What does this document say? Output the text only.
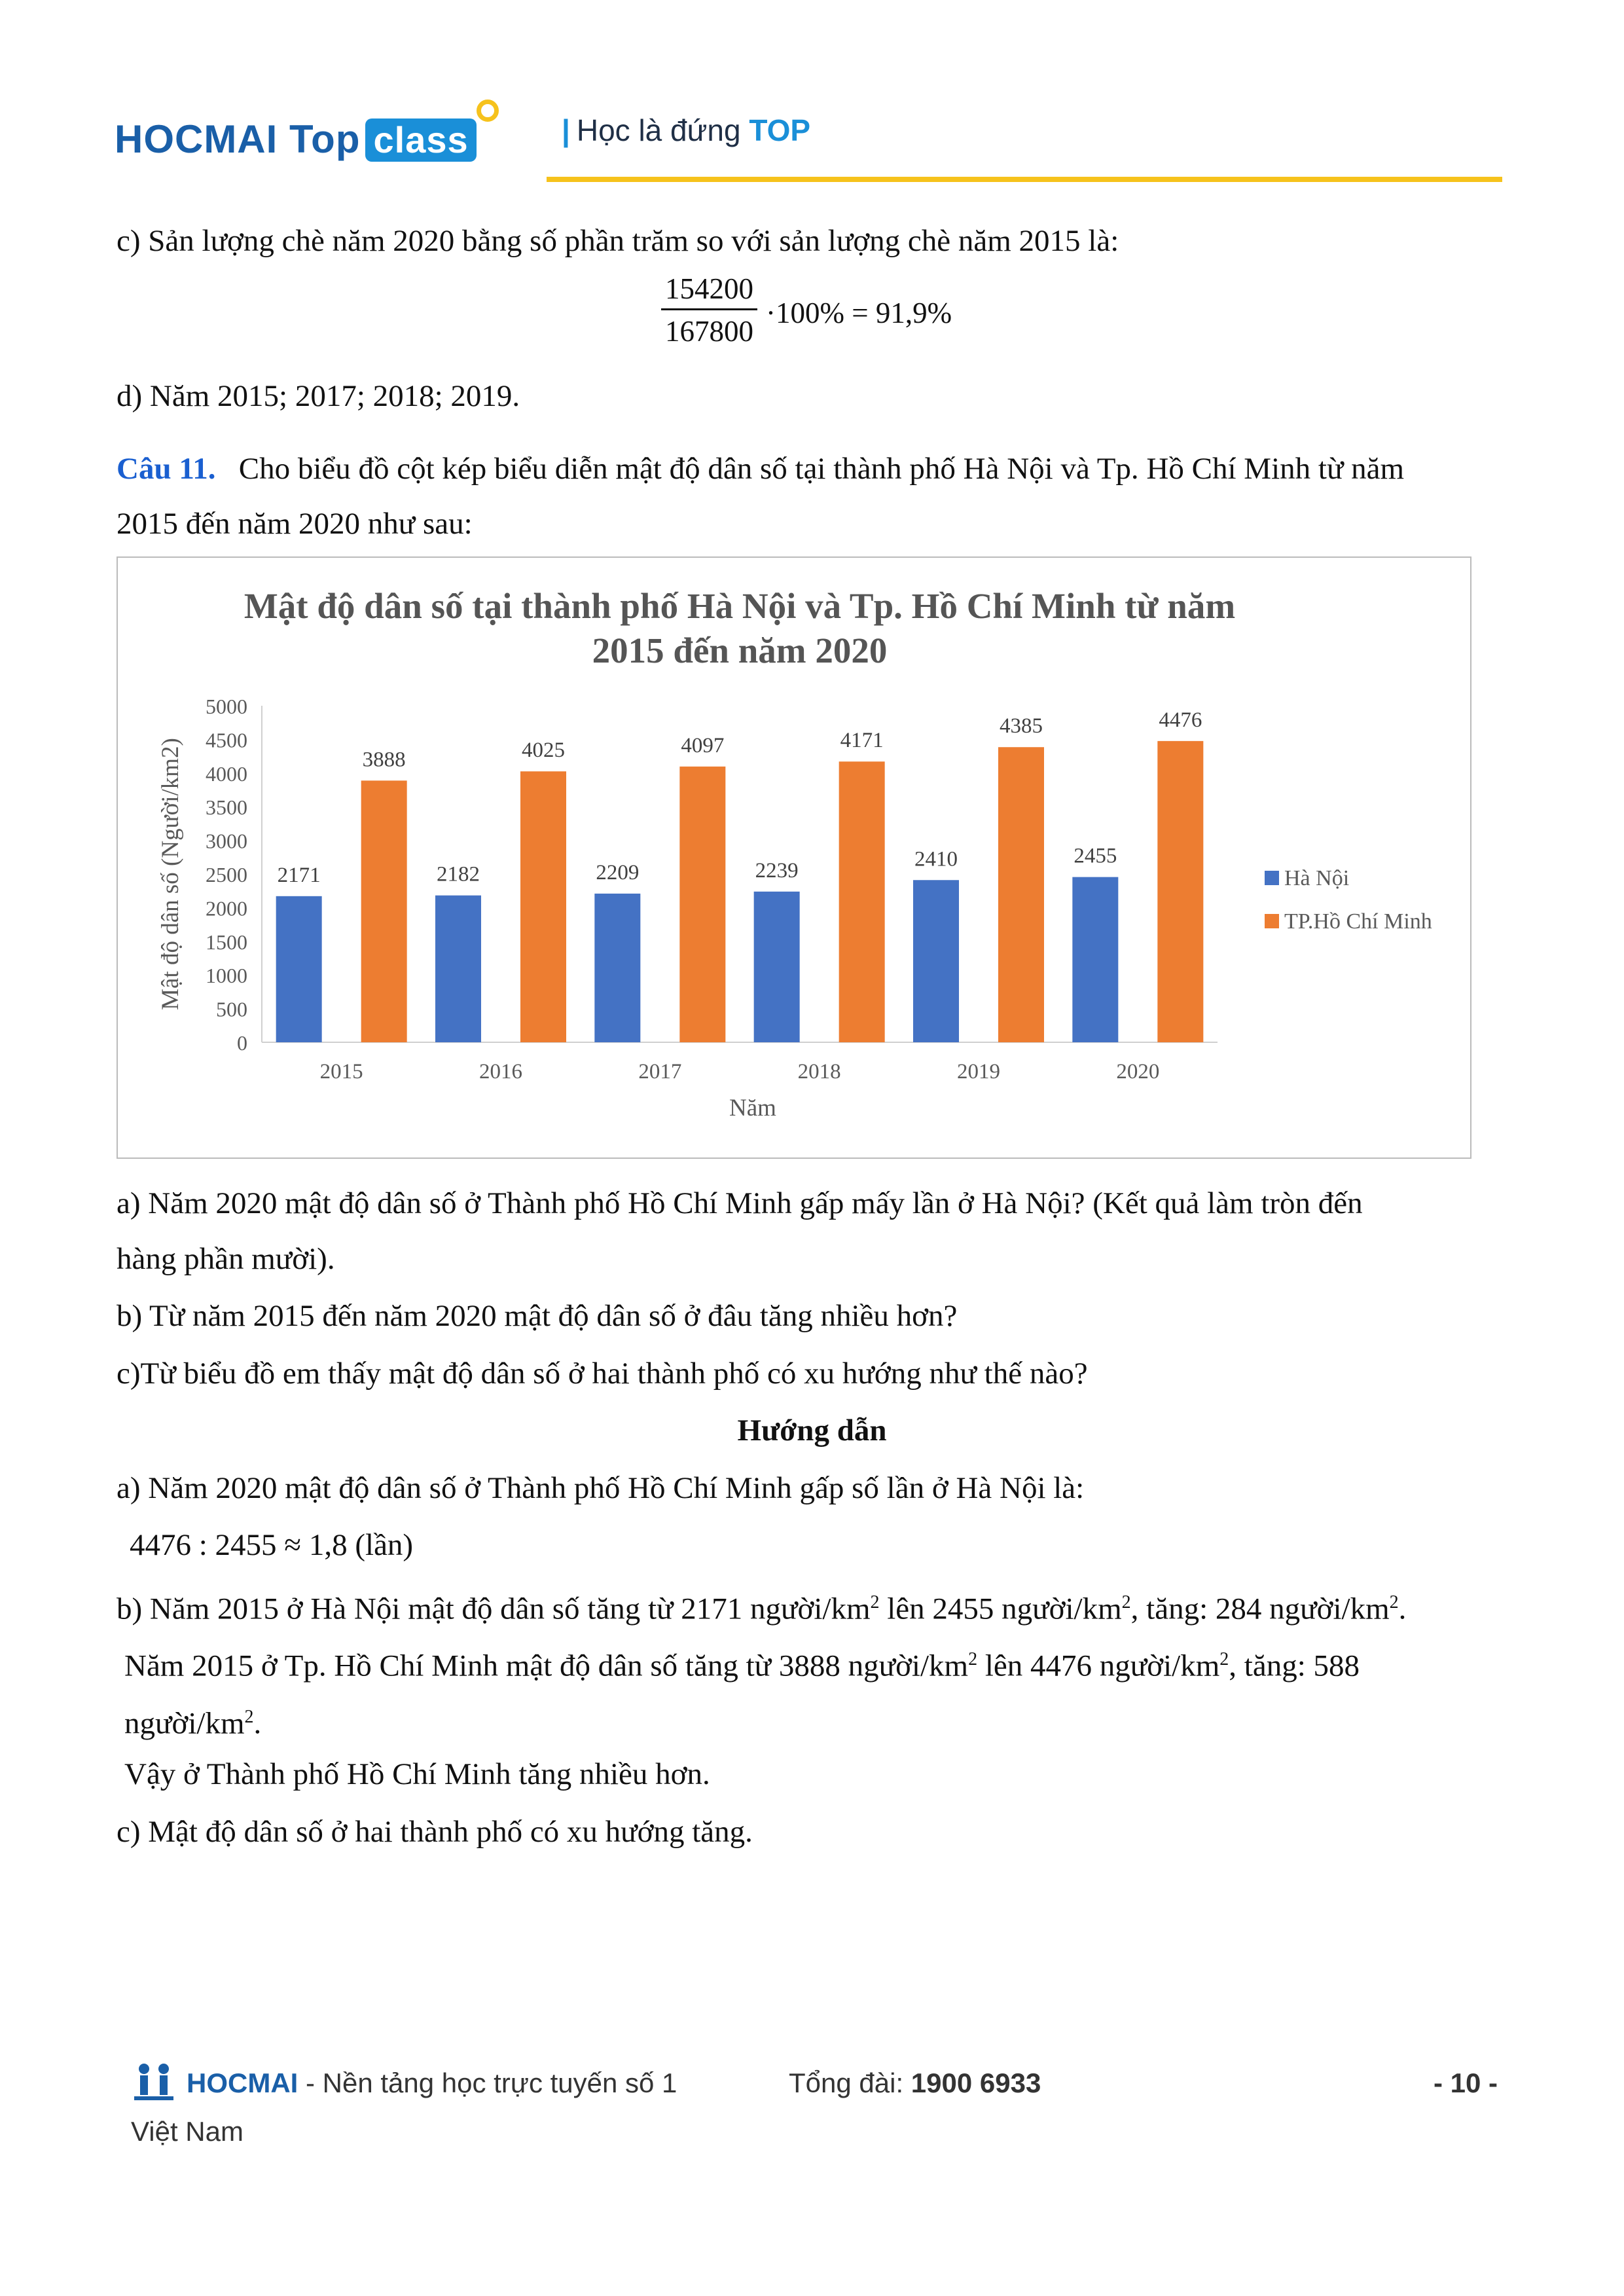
HOCMAI Top class	| Học là đứng TOP
c) Sản lượng chè năm 2020 bằng số phần trăm so với sản lượng chè năm 2015 là:
$\frac{154200}{167800} \cdot 100\% = 91,9\%$
d) Năm 2015; 2017; 2018; 2019.
Câu 11. Cho biểu đồ cột kép biểu diễn mật độ dân số tại thành phố Hà Nội và Tp. Hồ Chí Minh từ năm
2015 đến năm 2020 như sau:
Mật độ dân số tại thành phố Hà Nội và Tp. Hồ Chí Minh từ năm
2015 đến năm 2020
0
500
1000
1500
2000
2500
3000
3500
4000
4500
5000
2171
3888
2015
2182
4025
2016
2209
4097
2017
2239
4171
2018
2410
4385
2019
2455
4476
2020
Năm
Mật độ dân số (Người/km2)	Hà Nội
TP.Hồ Chí Minh
a) Năm 2020 mật độ dân số ở Thành phố Hồ Chí Minh gấp mấy lần ở Hà Nội? (Kết quả làm tròn đến
hàng phần mười).
b) Từ năm 2015 đến năm 2020 mật độ dân số ở đâu tăng nhiều hơn?
c)Từ biểu đồ em thấy mật độ dân số ở hai thành phố có xu hướng như thế nào?
Hướng dẫn
a) Năm 2020 mật độ dân số ở Thành phố Hồ Chí Minh gấp số lần ở Hà Nội là:
4476 : 2455 ≈ 1,8 (lần)
b) Năm 2015 ở Hà Nội mật độ dân số tăng từ 2171 người/$km^2$ lên 2455 người/$km^2$, tăng: 284 người/$km^2$.
Năm 2015 ở Tp. Hồ Chí Minh mật độ dân số tăng từ 3888 người/$km^2$ lên 4476 người/$km^2$, tăng: 588
người/$km^2$.
Vậy ở Thành phố Hồ Chí Minh tăng nhiều hơn.
c) Mật độ dân số ở hai thành phố có xu hướng tăng.
HOCMAI - Nền tảng học trực tuyến số 1
Việt Nam
Tổng đài: 1900 6933	- 10 -
